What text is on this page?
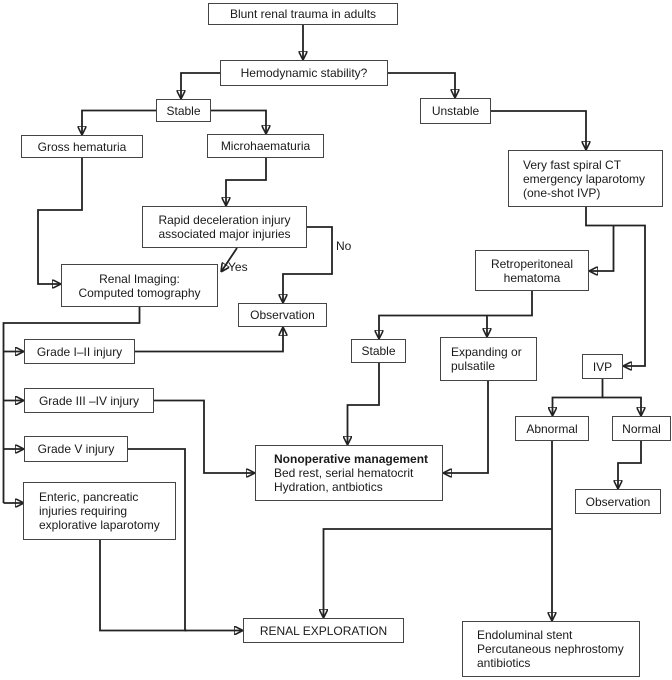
Blunt renal trauma in adults
Hemodynamic stability?
Stable	Unstable
Gross hematuria	Microhaematuria
Very fast spiral CT
emergency laparotomy
(one-shot IVP)
Rapid deceleration injury
associated major injuries
Renal Imaging:
Computed tomography
Observation
Retroperitoneal
hematoma
Grade I–II injury
Grade III –IV injury
Grade V injury
Enteric, pancreatic
injuries requiring
explorative laparotomy
Stable	Expanding or
pulsatile	IVP
Abnormal	Normal
Nonoperative management
Bed rest, serial hematocrit
Hydration, antbiotics
Observation
RENAL EXPLORATION	Endoluminal stent
Percutaneous nephrostomy
antibiotics
Yes
No
